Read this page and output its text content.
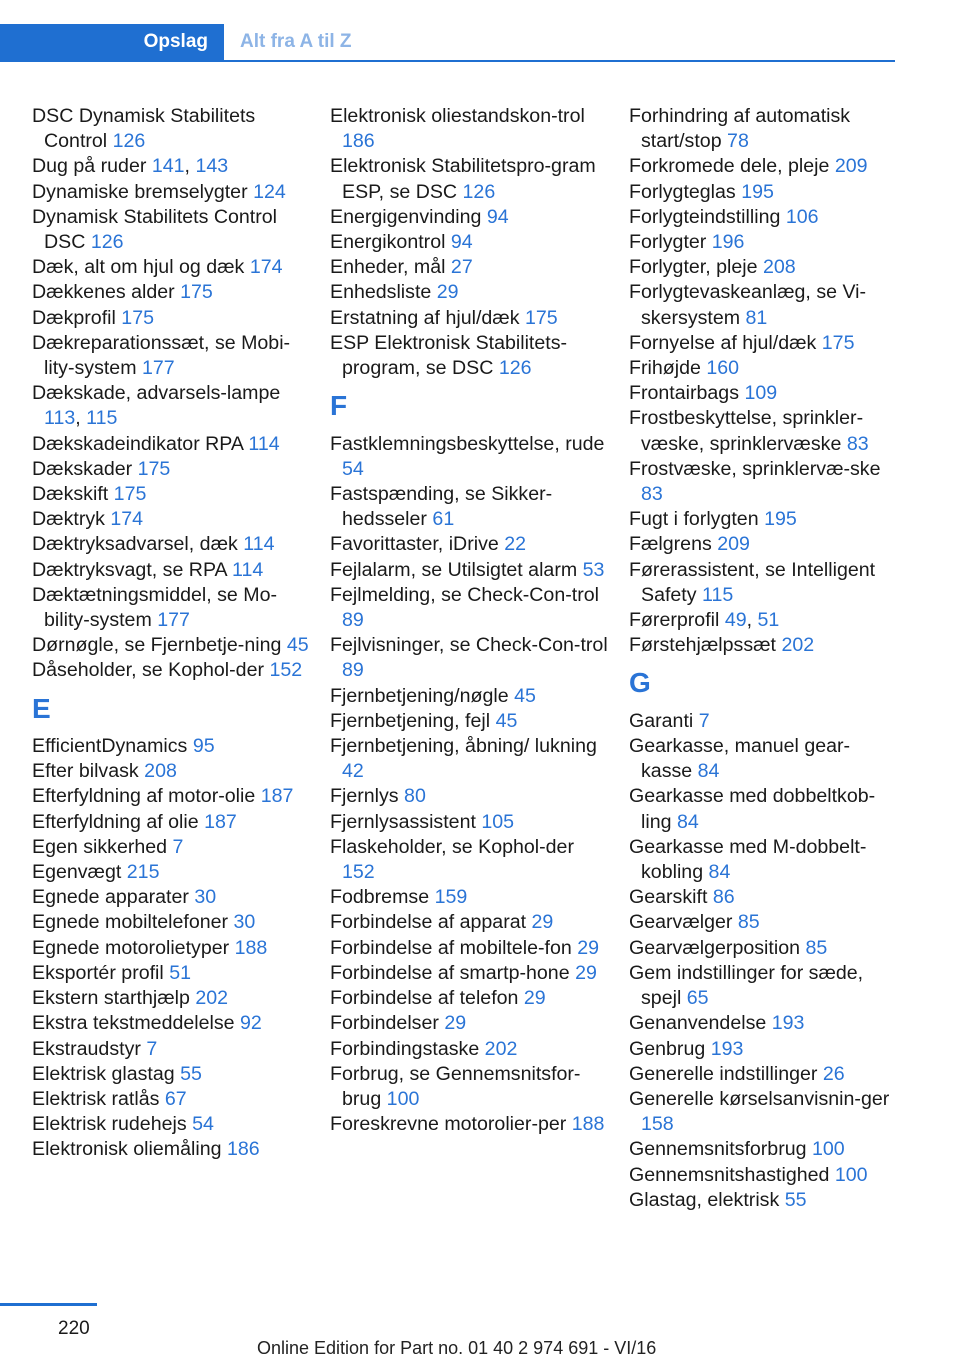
Opslag Alt fra A til Z
DSC Dynamisk Stabilitets Control 126
Dug på ruder 141, 143
Dynamiske bremselygter 124
Dynamisk Stabilitets Control DSC 126
Dæk, alt om hjul og dæk 174
Dækkenes alder 175
Dækprofil 175
Dækreparationssæt, se Mobi‐lity-system 177
Dækskade, advarsels‐lampe 113, 115
Dækskadeindikator RPA 114
Dækskader 175
Dækskift 175
Dæktryk 174
Dæktryksadvarsel, dæk 114
Dæktryksvagt, se RPA 114
Dæktætningsmiddel, se Mo‐bility-system 177
Dørnøgle, se Fjernbetje‐ning 45
Dåseholder, se Kophol‐der 152
E
EfficientDynamics 95
Efter bilvask 208
Efterfyldning af motor‐olie 187
Efterfyldning af olie 187
Egen sikkerhed 7
Egenvægt 215
Egnede apparater 30
Egnede mobiltelefoner 30
Egnede motorolietyper 188
Eksportér profil 51
Ekstern starthjælp 202
Ekstra tekstmeddelelse 92
Ekstraudstyr 7
Elektrisk glastag 55
Elektrisk ratlås 67
Elektrisk rudehejs 54
Elektronisk oliemåling 186
Elektronisk oliestandskon‐trol 186
Elektronisk Stabilitetspro‐gram ESP, se DSC 126
Energigenvinding 94
Energikontrol 94
Enheder, mål 27
Enhedsliste 29
Erstatning af hjul/dæk 175
ESP Elektronisk Stabilitets‐program, se DSC 126
F
Fastklemningsbeskyttelse, rude 54
Fastspænding, se Sikker‐hedsseler 61
Favorittaster, iDrive 22
Fejlalarm, se Utilsigtet alarm 53
Fejlmelding, se Check-Con‐trol 89
Fejlvisninger, se Check-Con‐trol 89
Fjernbetjening/nøgle 45
Fjernbetjening, fejl 45
Fjernbetjening, åbning/ lukning 42
Fjernlys 80
Fjernlysassistent 105
Flaskeholder, se Kophol‐der 152
Fodbremse 159
Forbindelse af apparat 29
Forbindelse af mobiltele‐fon 29
Forbindelse af smartp‐hone 29
Forbindelse af telefon 29
Forbindelser 29
Forbindingstaske 202
Forbrug, se Gennemsnitsfor‐brug 100
Foreskrevne motorolier‐per 188
Forhindring af automatisk start/stop 78
Forkromede dele, pleje 209
Forlygteglas 195
Forlygteindstilling 106
Forlygter 196
Forlygter, pleje 208
Forlygtevaskeanlæg, se Vi‐skersystem 81
Fornyelse af hjul/dæk 175
Frihøjde 160
Frontairbags 109
Frostbeskyttelse, sprinkler‐væske, sprinklervæske 83
Frostvæske, sprinklervæ‐ske 83
Fugt i forlygten 195
Fælgrens 209
Førerassistent, se Intelligent Safety 115
Førerprofil 49, 51
Førstehjælpssæt 202
G
Garanti 7
Gearkasse, manuel gear‐kasse 84
Gearkasse med dobbeltkob‐ling 84
Gearkasse med M-dobbelt‐kobling 84
Gearskift 86
Gearvælger 85
Gearvælgerposition 85
Gem indstillinger for sæde, spejl 65
Genanvendelse 193
Genbrug 193
Generelle indstillinger 26
Generelle kørselsanvisnin‐ger 158
Gennemsnitsforbrug 100
Gennemsnitshastighed 100
Glastag, elektrisk 55
220
Online Edition for Part no. 01 40 2 974 691 - VI/16
